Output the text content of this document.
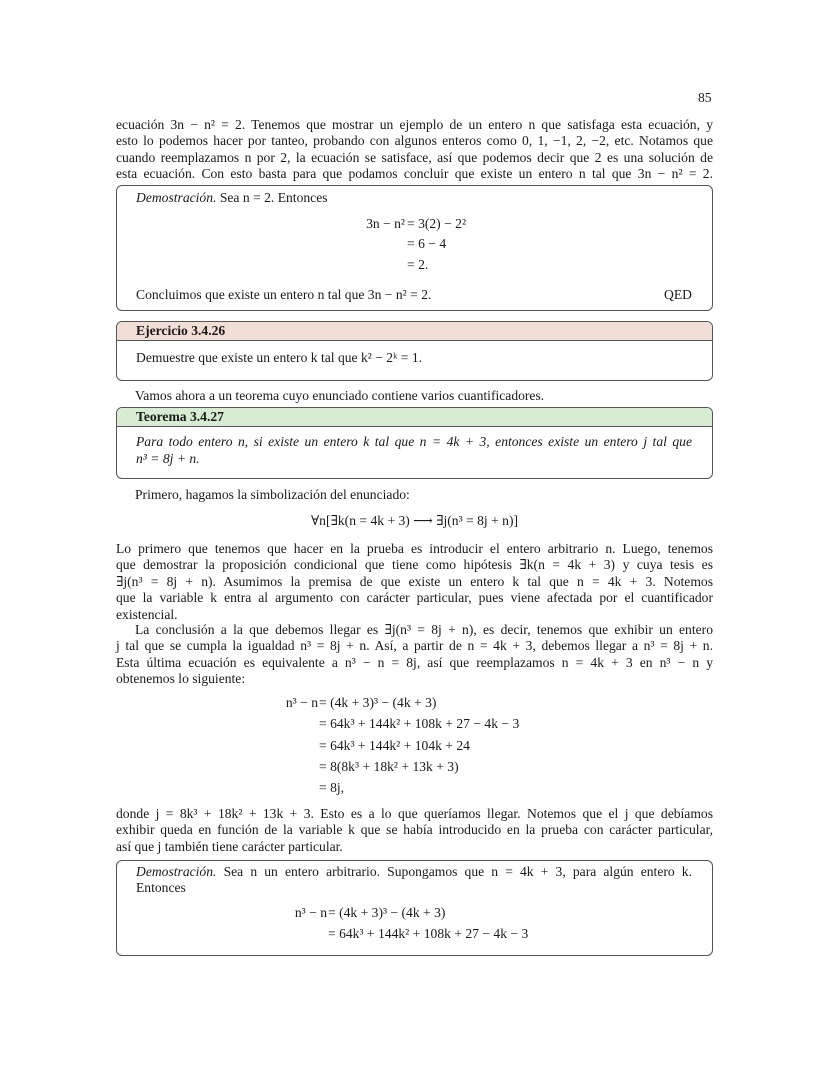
85
ecuación 3n − n² = 2. Tenemos que mostrar un ejemplo de un entero n que satisfaga esta ecuación, y
esto lo podemos hacer por tanteo, probando con algunos enteros como 0, 1, −1, 2, −2, etc. Notamos que
cuando reemplazamos n por 2, la ecuación se satisface, así que podemos decir que 2 es una solución de
esta ecuación. Con esto basta para que podamos concluir que existe un entero n tal que 3n − n² = 2.
Demostración. Sea n = 2. Entonces
3n − n² = 3(2) − 2²
= 6 − 4
= 2.
Concluimos que existe un entero n tal que 3n − n² = 2.	QED
Ejercicio 3.4.26
Demuestre que existe un entero k tal que k² − 2ᵏ = 1.
Vamos ahora a un teorema cuyo enunciado contiene varios cuantificadores.
Teorema 3.4.27
Para todo entero n, si existe un entero k tal que n = 4k + 3, entonces existe un entero j tal que
n³ = 8j + n.
Primero, hagamos la simbolización del enunciado:
∀n[∃k(n = 4k + 3) ⟶ ∃j(n³ = 8j + n)]
Lo primero que tenemos que hacer en la prueba es introducir el entero arbitrario n. Luego, tenemos
que demostrar la proposición condicional que tiene como hipótesis ∃k(n = 4k + 3) y cuya tesis es
∃j(n³ = 8j + n). Asumimos la premisa de que existe un entero k tal que n = 4k + 3. Notemos
que la variable k entra al argumento con carácter particular, pues viene afectada por el cuantificador
existencial.
La conclusión a la que debemos llegar es ∃j(n³ = 8j + n), es decir, tenemos que exhibir un entero
j tal que se cumpla la igualdad n³ = 8j + n. Así, a partir de n = 4k + 3, debemos llegar a n³ = 8j + n.
Esta última ecuación es equivalente a n³ − n = 8j, así que reemplazamos n = 4k + 3 en n³ − n y
obtenemos lo siguiente:
n³ − n = (4k + 3)³ − (4k + 3)
= 64k³ + 144k² + 108k + 27 − 4k − 3
= 64k³ + 144k² + 104k + 24
= 8(8k³ + 18k² + 13k + 3)
= 8j,
donde j = 8k³ + 18k² + 13k + 3. Esto es a lo que queríamos llegar. Notemos que el j que debíamos
exhibir queda en función de la variable k que se había introducido en la prueba con carácter particular,
así que j también tiene carácter particular.
Demostración. Sea n un entero arbitrario. Supongamos que n = 4k + 3, para algún entero k.
Entonces
n³ − n = (4k + 3)³ − (4k + 3)
= 64k³ + 144k² + 108k + 27 − 4k − 3
